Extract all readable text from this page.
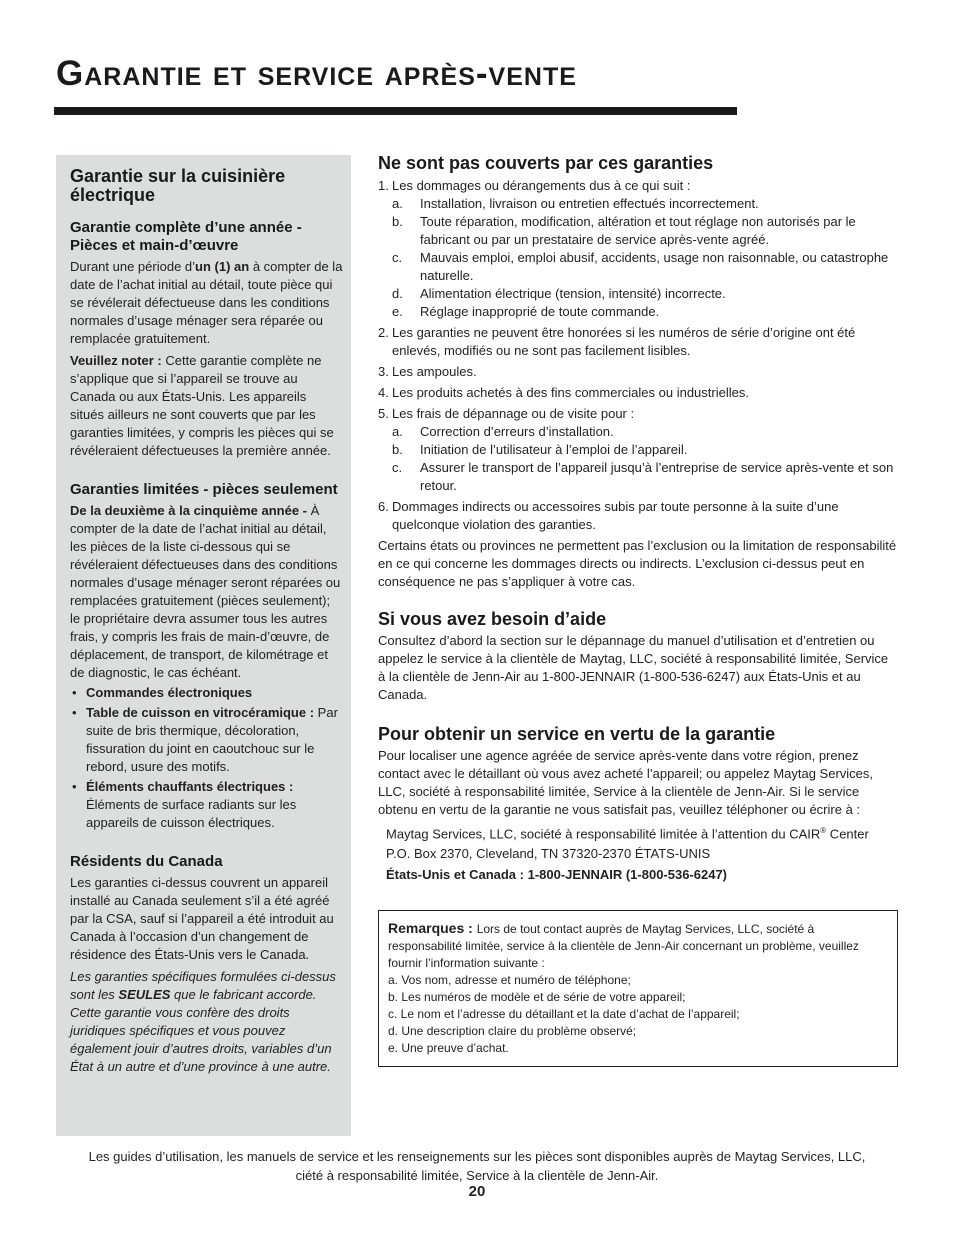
Garantie et service après-vente
Garantie sur la cuisinière électrique
Garantie complète d’une année - Pièces et main-d’œuvre

Durant une période d’un (1) an à compter de la date de l’achat initial au détail, toute pièce qui se révélerait défectueuse dans les conditions normales d’usage ménager sera réparée ou remplacée gratuitement.

Veuillez noter : Cette garantie complète ne s’applique que si l’appareil se trouve au Canada ou aux États-Unis. Les appareils situés ailleurs ne sont couverts que par les garanties limitées, y compris les pièces qui se révéleraient défectueuses la première année.

Garanties limitées - pièces seulement

De la deuxième à la cinquième année - À compter de la date de l’achat initial au détail, les pièces de la liste ci-dessous qui se révéleraient défectueuses dans des conditions normales d’usage ménager seront réparées ou remplacées gratuitement (pièces seulement); le propriétaire devra assumer tous les autres frais, y compris les frais de main-d’œuvre, de déplacement, de transport, de kilométrage et de diagnostic, le cas échéant.

• Commandes électroniques
• Table de cuisson en vitrocéramique : Par suite de bris thermique, décoloration, fissuration du joint en caoutchouc sur le rebord, usure des motifs.
• Éléments chauffants électriques : Éléments de surface radiants sur les appareils de cuisson électriques.
Résidents du Canada

Les garanties ci-dessus couvrent un appareil installé au Canada seulement s’il a été agréé par la CSA, sauf si l’appareil a été introduit au Canada à l’occasion d’un changement de résidence des États-Unis vers le Canada.

Les garanties spécifiques formulées ci-dessus sont les SEULES que le fabricant accorde. Cette garantie vous confère des droits juridiques spécifiques et vous pouvez également jouir d’autres droits, variables d’un État à un autre et d’une province à une autre.

Ne sont pas couverts par ces garanties
1. Les dommages ou dérangements dus à ce qui suit :
a. Installation, livraison ou entretien effectués incorrectement.
b. Toute réparation, modification, altération et tout réglage non autorisés par le fabricant ou par un prestataire de service après-vente agréé.
c. Mauvais emploi, emploi abusif, accidents, usage non raisonnable, ou catastrophe naturelle.
d. Alimentation électrique (tension, intensité) incorrecte.
e. Réglage inapproprié de toute commande.
2. Les garanties ne peuvent être honorées si les numéros de série d’origine ont été enlevés, modifiés ou ne sont pas facilement lisibles.
3. Les ampoules.
4. Les produits achetés à des fins commerciales ou industrielles.
5. Les frais de dépannage ou de visite pour :
a. Correction d’erreurs d’installation.
b. Initiation de l’utilisateur à l’emploi de l’appareil.
c. Assurer le transport de l’appareil jusqu’à l’entreprise de service après-vente et son retour.
6. Dommages indirects ou accessoires subis par toute personne à la suite d’une quelconque violation des garanties.

Certains états ou provinces ne permettent pas l’exclusion ou la limitation de responsabilité en ce qui concerne les dommages directs ou indirects. L’exclusion ci-dessus peut en conséquence ne pas s’appliquer à votre cas.

Si vous avez besoin d’aide

Consultez d’abord la section sur le dépannage du manuel d’utilisation et d’entretien ou appelez le service à la clientèle de Maytag, LLC, société à responsabilité limitée, Service à la clientèle de Jenn-Air au 1-800-JENNAIR (1-800-536-6247) aux États-Unis et au Canada.

Pour obtenir un service en vertu de la garantie

Pour localiser une agence agréée de service après-vente dans votre région, prenez contact avec le détaillant où vous avez acheté l’appareil; ou appelez Maytag Services, LLC, société à responsabilité limitée, Service à la clientèle de Jenn-Air. Si le service obtenu en vertu de la garantie ne vous satisfait pas, veuillez téléphoner ou écrire à :

Maytag Services, LLC, société à responsabilité limitée à l’attention du CAIR® Center

P.O. Box 2370, Cleveland, TN 37320-2370 ÉTATS-UNIS

États-Unis et Canada : 1-800-JENNAIR (1-800-536-6247)

Remarques : Lors de tout contact auprès de Maytag Services, LLC, société à responsabilité limitée, service à la clientèle de Jenn-Air concernant un problème, veuillez fournir l’information suivante :

a. Vos nom, adresse et numéro de téléphone;

b. Les numéros de modèle et de série de votre appareil;

c. Le nom et l’adresse du détaillant et la date d’achat de l’appareil;

d. Une description claire du problème observé;

e. Une preuve d’achat.

Les guides d’utilisation, les manuels de service et les renseignements sur les pièces sont disponibles auprès de Maytag Services, LLC,
ciété à responsabilité limitée, Service à la clientèle de Jenn-Air.
20
